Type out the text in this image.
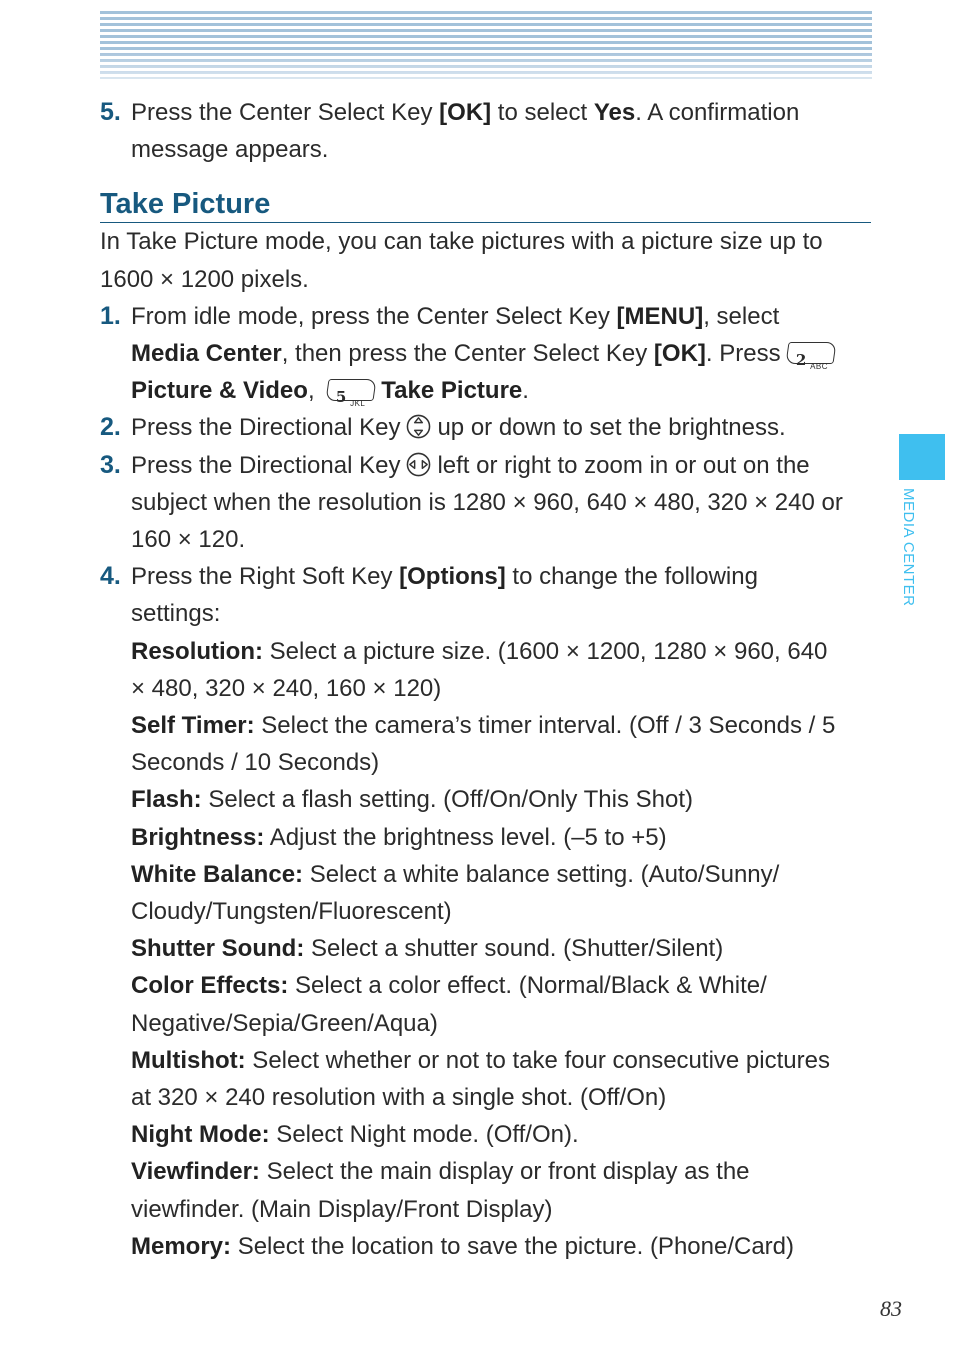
MEDIA CENTER
5. Press the Center Select Key [OK] to select Yes. A confirmation
message appears.
Take Picture
In Take Picture mode, you can take pictures with a picture size up to
1600 × 1200 pixels.
1. From idle mode, press the Center Select Key [MENU], select
Media Center, then press the Center Select Key [OK]. Press 2 ABC
Picture & Video, 5 JKL Take Picture.
2. Press the Directional Key up or down to set the brightness.
3. Press the Directional Key left or right to zoom in or out on the
subject when the resolution is 1280 × 960, 640 × 480, 320 × 240 or
160 × 120.
4. Press the Right Soft Key [Options] to change the following
settings:
Resolution: Select a picture size. (1600 × 1200, 1280 × 960, 640
× 480, 320 × 240, 160 × 120)
Self Timer: Select the camera’s timer interval. (Off / 3 Seconds / 5
Seconds / 10 Seconds)
Flash: Select a flash setting. (Off/On/Only This Shot)
Brightness: Adjust the brightness level. (–5 to +5)
White Balance: Select a white balance setting. (Auto/Sunny/
Cloudy/Tungsten/Fluorescent)
Shutter Sound: Select a shutter sound. (Shutter/Silent)
Color Effects: Select a color effect. (Normal/Black & White/
Negative/Sepia/Green/Aqua)
Multishot: Select whether or not to take four consecutive pictures
at 320 × 240 resolution with a single shot. (Off/On)
Night Mode: Select Night mode. (Off/On).
Viewfinder: Select the main display or front display as the
viewfinder. (Main Display/Front Display)
Memory: Select the location to save the picture. (Phone/Card)
83
